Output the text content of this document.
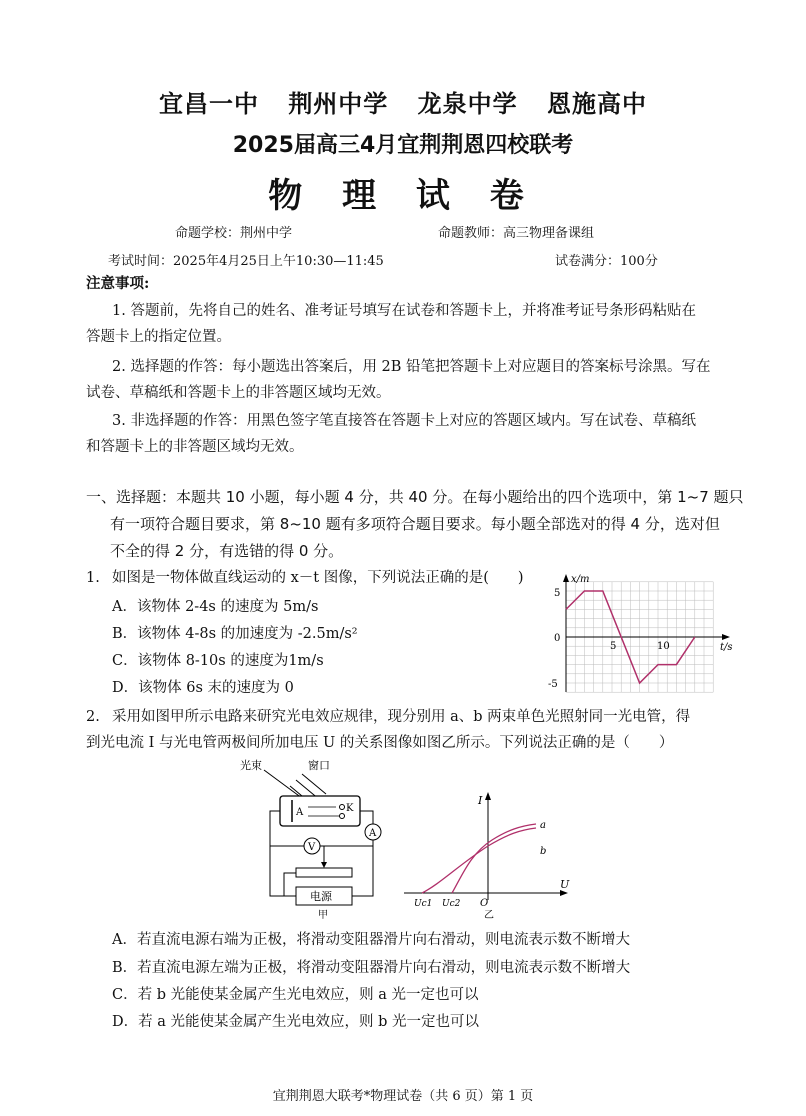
宜昌一中 荆州中学 龙泉中学 恩施高中
2025届高三4月宜荆荆恩四校联考
物 理 试 卷
命题学校：荆州中学	命题教师：高三物理备课组
考试时间：2025年4月25日上午10:30—11:45	试卷满分：100分
注意事项:
1. 答题前，先将自己的姓名、准考证号填写在试卷和答题卡上，并将准考证号条形码粘贴在
答题卡上的指定位置。
2. 选择题的作答：每小题选出答案后，用 2B 铅笔把答题卡上对应题目的答案标号涂黑。写在
试卷、草稿纸和答题卡上的非答题区域均无效。
3. 非选择题的作答：用黑色签字笔直接答在答题卡上对应的答题区域内。写在试卷、草稿纸
和答题卡上的非答题区域均无效。
一、选择题：本题共 10 小题，每小题 4 分，共 40 分。在每小题给出的四个选项中，第 1~7 题只
有一项符合题目要求，第 8~10 题有多项符合题目要求。每小题全部选对的得 4 分，选对但
不全的得 2 分，有选错的得 0 分。
1. 如图是一物体做直线运动的 x－t 图像，下列说法正确的是(　　)
A．该物体 2-4s 的速度为 5m/s
B．该物体 4-8s 的加速度为 -2.5m/s²
C．该物体 8-10s 的速度为1m/s
D．该物体 6s 末的速度为 0
x/m
t/s
5	10
5
0
-5
2. 采用如图甲所示电路来研究光电效应规律，现分别用 a、b 两束单色光照射同一光电管，得
到光电流 I 与光电管两极间所加电压 U 的关系图像如图乙所示。下列说法正确的是（　　）
光束	窗口
A	K
A
V
电源
甲
I
U
O
Uc1 Uc2
a
b
乙
A．若直流电源右端为正极，将滑动变阻器滑片向右滑动，则电流表示数不断增大
B．若直流电源左端为正极，将滑动变阻器滑片向右滑动，则电流表示数不断增大
C．若 b 光能使某金属产生光电效应，则 a 光一定也可以
D．若 a 光能使某金属产生光电效应，则 b 光一定也可以
宜荆荆恩大联考*物理试卷（共 6 页）第 1 页
